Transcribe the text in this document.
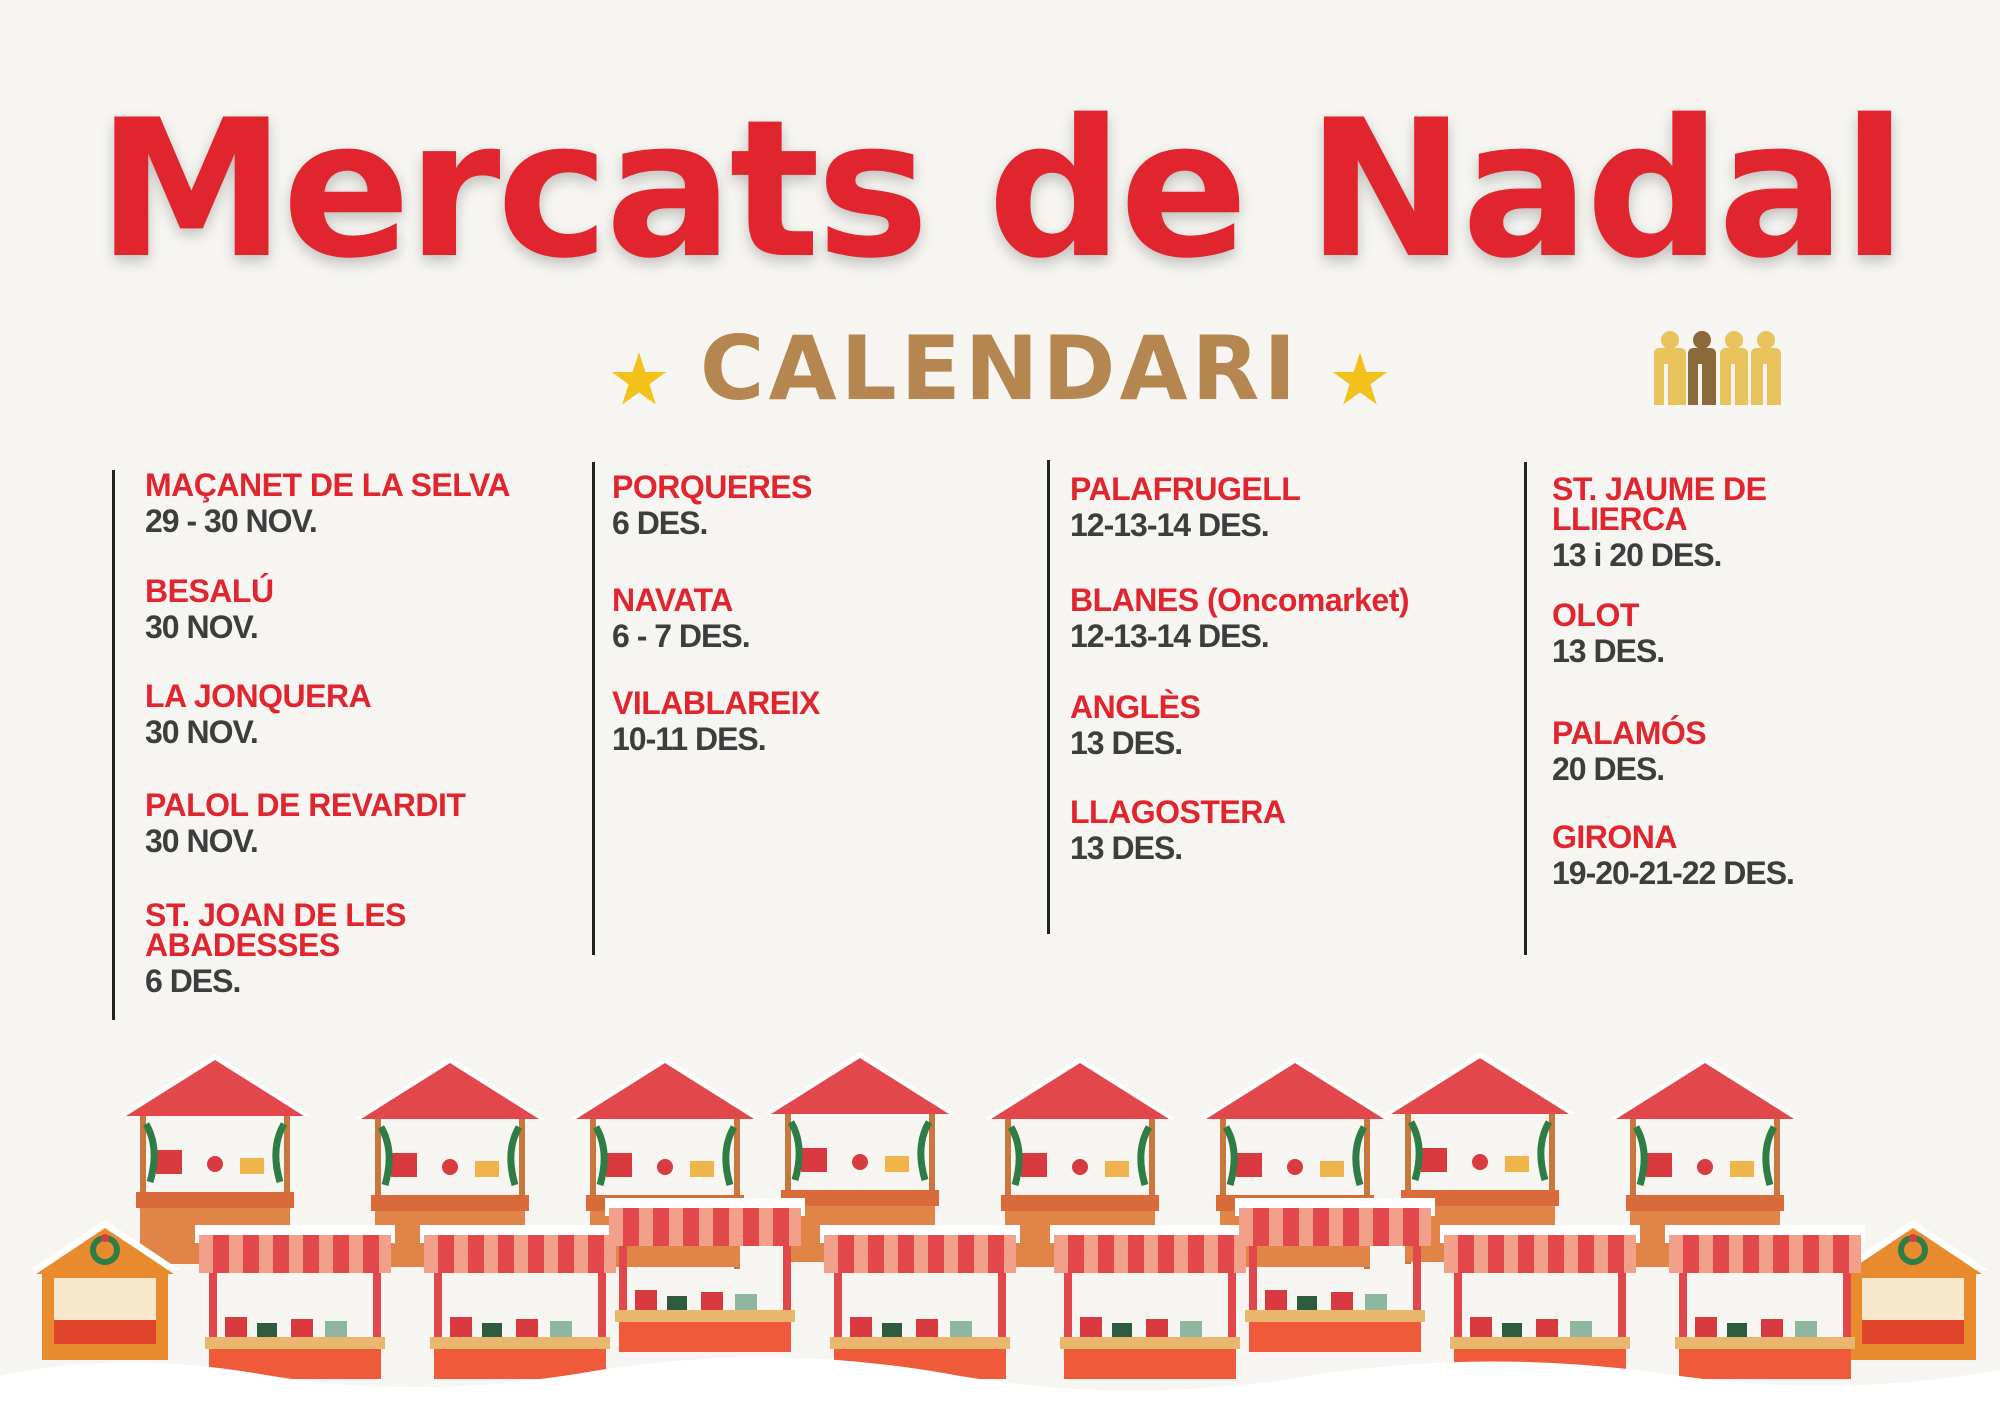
Mercats de Nadal
CALENDARI
MAÇANET DE LA SELVA
29 - 30 NOV.
BESALÚ
30 NOV.
LA JONQUERA
30 NOV.
PALOL DE REVARDIT
30 NOV.
ST. JOAN DE LES ABADESSES
6 DES.
PORQUERES
6 DES.
NAVATA
6 - 7 DES.
VILABLAREIX
10-11 DES.
PALAFRUGELL
12-13-14 DES.
BLANES (Oncomarket)
12-13-14 DES.
ANGLÈS
13 DES.
LLAGOSTERA
13 DES.
ST. JAUME DE LLIERCA
13 i 20 DES.
OLOT
13 DES.
PALAMÓS
20 DES.
GIRONA
19-20-21-22 DES.
